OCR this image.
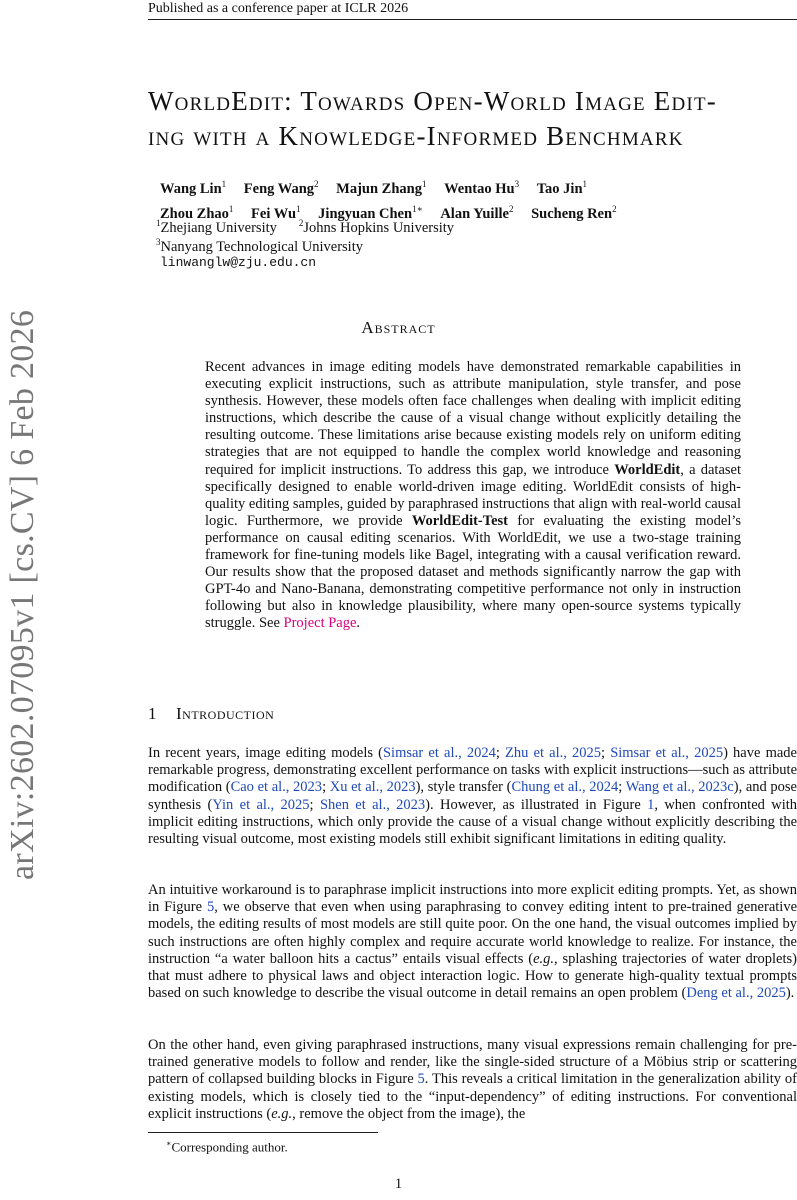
Published as a conference paper at ICLR 2026
arXiv:2602.07095v1 [cs.CV] 6 Feb 2026
WorldEdit: Towards Open-World Image Edit-
ing with a Knowledge-Informed Benchmark
Wang Lin$^1$ Feng Wang$^2$ Majun Zhang$^1$ Wentao Hu$^3$ Tao Jin$^1$
Zhou Zhao$^1$ Fei Wu$^1$ Jingyuan Chen$^{1∗}$ Alan Yuille$^2$ Sucheng Ren$^2$
$^1$Zhejiang University $^2$Johns Hopkins University
$^3$Nanyang Technological University
linwanglw@zju.edu.cn
Abstract
Recent advances in image editing models have demonstrated remarkable capabilities in executing explicit instructions, such as attribute manipulation, style transfer, and pose synthesis. However, these models often face challenges when dealing with implicit editing instructions, which describe the cause of a visual change without explicitly detailing the resulting outcome. These limitations arise because existing models rely on uniform editing strategies that are not equipped to handle the complex world knowledge and reasoning required for implicit instructions. To address this gap, we introduce WorldEdit, a dataset specifically designed to enable world-driven image editing. WorldEdit consists of high-quality editing samples, guided by paraphrased instructions that align with real-world causal logic. Furthermore, we provide WorldEdit-Test for evaluating the existing model’s performance on causal editing scenarios. With WorldEdit, we use a two-stage training framework for fine-tuning models like Bagel, integrating with a causal verification reward. Our results show that the proposed dataset and methods significantly narrow the gap with GPT-4o and Nano-Banana, demonstrating competitive performance not only in instruction following but also in knowledge plausibility, where many open-source systems typically struggle. See Project Page.
1 Introduction
In recent years, image editing models (Simsar et al., 2024; Zhu et al., 2025; Simsar et al., 2025) have made remarkable progress, demonstrating excellent performance on tasks with explicit instructions—such as attribute modification (Cao et al., 2023; Xu et al., 2023), style transfer (Chung et al., 2024; Wang et al., 2023c), and pose synthesis (Yin et al., 2025; Shen et al., 2023). However, as illustrated in Figure 1, when confronted with implicit editing instructions, which only provide the cause of a visual change without explicitly describing the resulting visual outcome, most existing models still exhibit significant limitations in editing quality.
An intuitive workaround is to paraphrase implicit instructions into more explicit editing prompts. Yet, as shown in Figure 5, we observe that even when using paraphrasing to convey editing intent to pre-trained generative models, the editing results of most models are still quite poor. On the one hand, the visual outcomes implied by such instructions are often highly complex and require accurate world knowledge to realize. For instance, the instruction “a water balloon hits a cactus” entails visual effects (e.g., splashing trajectories of water droplets) that must adhere to physical laws and object interaction logic. How to generate high-quality textual prompts based on such knowledge to describe the visual outcome in detail remains an open problem (Deng et al., 2025).
On the other hand, even giving paraphrased instructions, many visual expressions remain challenging for pre-trained generative models to follow and render, like the single-sided structure of a Möbius strip or scattering pattern of collapsed building blocks in Figure 5. This reveals a critical limitation in the generalization ability of existing models, which is closely tied to the “input-dependency” of editing instructions. For conventional explicit instructions (e.g., remove the object from the image), the
∗Corresponding author.
1
